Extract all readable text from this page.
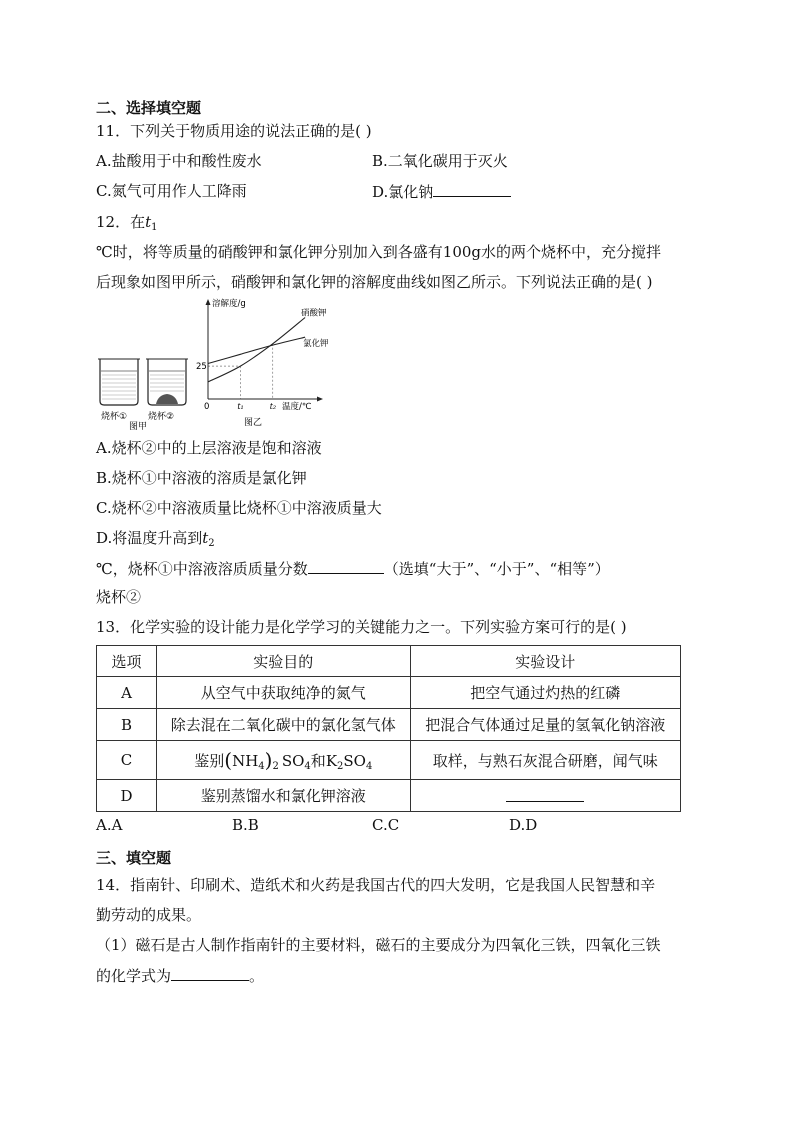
二、选择填空题
11．下列关于物质用途的说法正确的是( )
A.盐酸用于中和酸性废水	B.二氧化碳用于灭火
C.氮气可用作人工降雨	D.氯化钠
12．在$t_1$
℃时，将等质量的硝酸钾和氯化钾分别加入到各盛有100g水的两个烧杯中，充分搅拌
后现象如图甲所示，硝酸钾和氯化钾的溶解度曲线如图乙所示。下列说法正确的是( )
烧杯① 烧杯②
图甲
溶解度/g
温度/℃
0
25
t₁	t₂
硝酸钾
氯化钾
图乙
A.烧杯②中的上层溶液是饱和溶液
B.烧杯①中溶液的溶质是氯化钾
C.烧杯②中溶液质量比烧杯①中溶液质量大
D.将温度升高到$t_2$
℃，烧杯①中溶液溶质质量分数	（选填“大于”、“小于”、“相等”）
烧杯②
13．化学实验的设计能力是化学学习的关键能力之一。下列实验方案可行的是( )
选项	实验目的	实验设计
A	从空气中获取纯净的氮气	把空气通过灼热的红磷
B	除去混在二氧化碳中的氯化氢气体	把混合气体通过足量的氢氧化钠溶液
C	鉴别$(NH_4)_2$ $SO_4$和$K_2SO_4$	取样，与熟石灰混合研磨，闻气味
D	鉴别蒸馏水和氯化钾溶液	
A.A	B.B	C.C	D.D
三、填空题
14．指南针、印刷术、造纸术和火药是我国古代的四大发明，它是我国人民智慧和辛
勤劳动的成果。
（1）磁石是古人制作指南针的主要材料，磁石的主要成分为四氧化三铁，四氧化三铁
的化学式为	。
